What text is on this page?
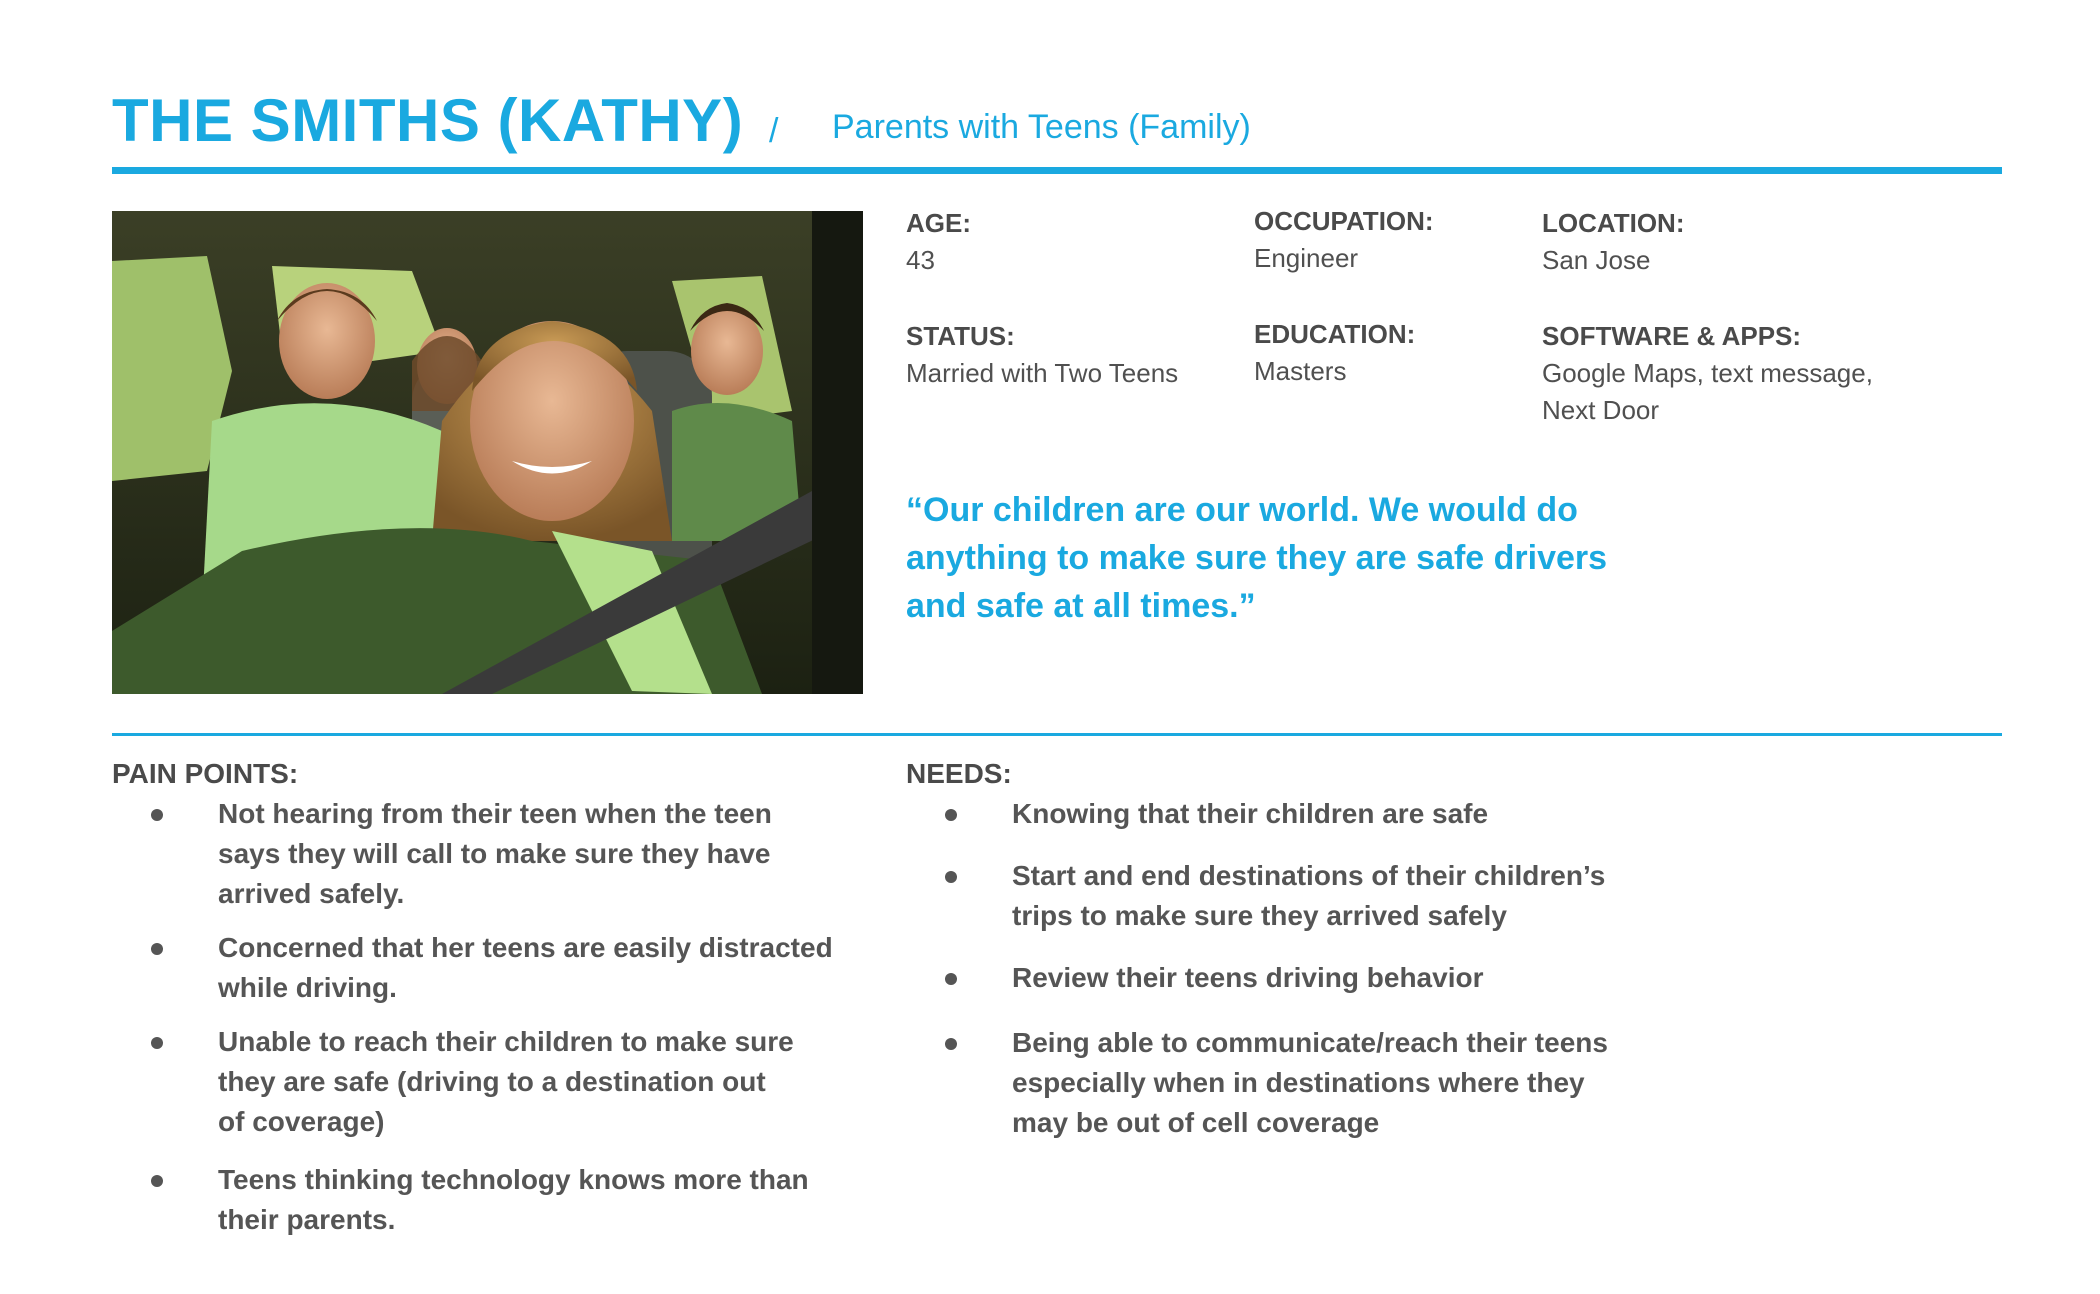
THE SMITHS (KATHY) / Parents with Teens (Family)
AGE:
43
OCCUPATION:
Engineer
LOCATION:
San Jose
STATUS:
Married with Two Teens
EDUCATION:
Masters
SOFTWARE & APPS:
Google Maps, text message,
Next Door
“Our children are our world. We would do
anything to make sure they are safe drivers
and safe at all times.”
PAIN POINTS:
Not hearing from their teen when the teen
says they will call to make sure they have
arrived safely.
Concerned that her teens are easily distracted
while driving.
Unable to reach their children to make sure
they are safe (driving to a destination out
of coverage)
Teens thinking technology knows more than
their parents.
NEEDS:
Knowing that their children are safe
Start and end destinations of their children’s
trips to make sure they arrived safely
Review their teens driving behavior
Being able to communicate/reach their teens
especially when in destinations where they
may be out of cell coverage
